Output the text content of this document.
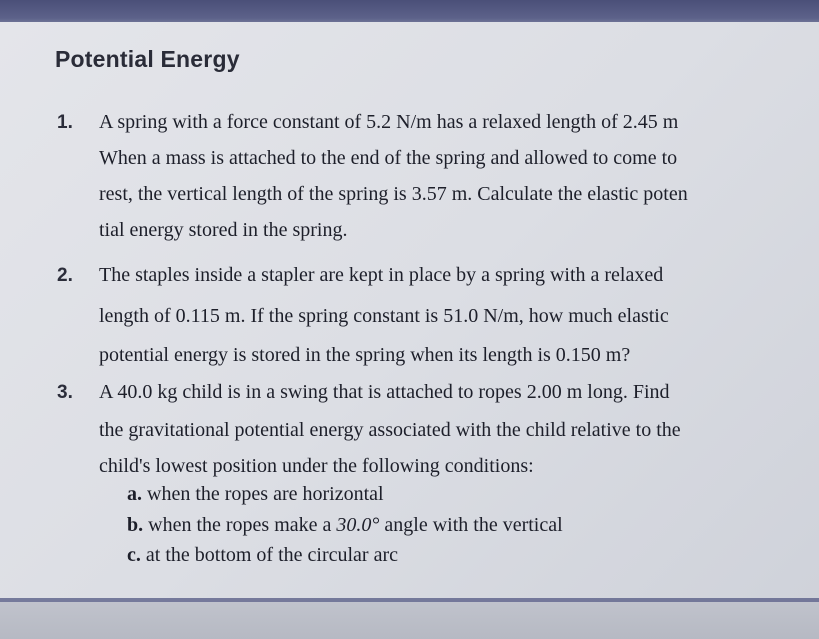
Potential Energy
1. A spring with a force constant of 5.2 N/m has a relaxed length of 2.45 m
When a mass is attached to the end of the spring and allowed to come to
rest, the vertical length of the spring is 3.57 m. Calculate the elastic poten
tial energy stored in the spring.
2. The staples inside a stapler are kept in place by a spring with a relaxed
length of 0.115 m. If the spring constant is 51.0 N/m, how much elastic
potential energy is stored in the spring when its length is 0.150 m?
3. A 40.0 kg child is in a swing that is attached to ropes 2.00 m long. Find
the gravitational potential energy associated with the child relative to the
child's lowest position under the following conditions:
a. when the ropes are horizontal
b. when the ropes make a 30.0° angle with the vertical
c. at the bottom of the circular arc
